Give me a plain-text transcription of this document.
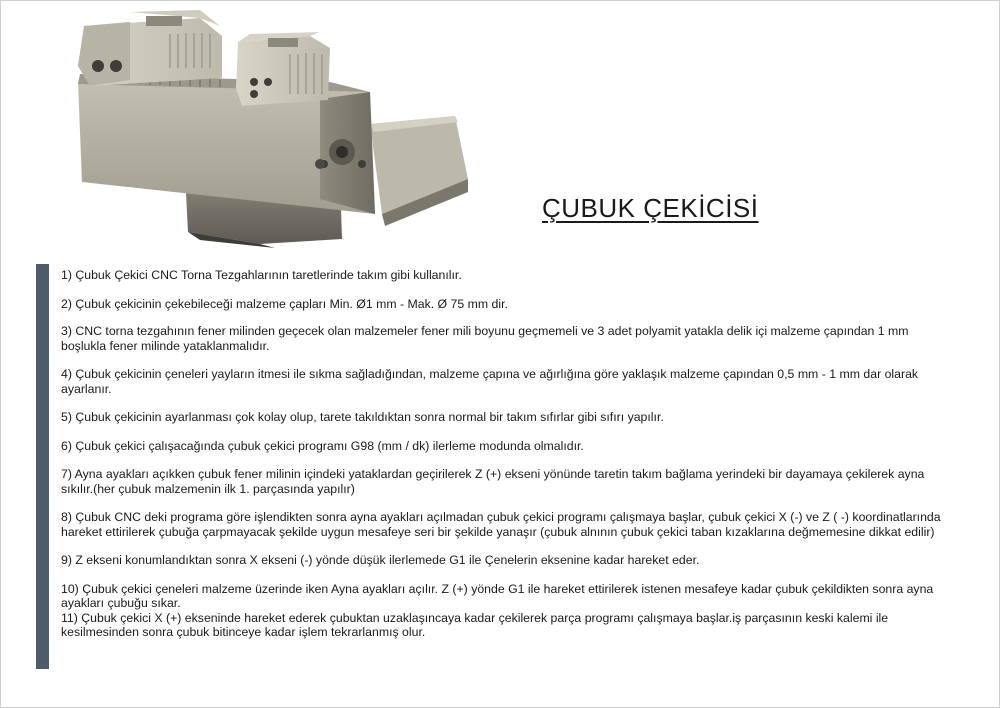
ÇUBUK ÇEKİCİSİ

1) Çubuk Çekici CNC Torna Tezgahlarının taretlerinde takım gibi kullanılır.

2) Çubuk çekicinin çekebileceği malzeme çapları Min. Ø1 mm - Mak. Ø 75 mm dir.

3) CNC torna tezgahının fener milinden geçecek olan malzemeler fener mili boyunu geçmemeli ve 3 adet polyamit yatakla delik içi malzeme çapından 1 mm boşlukla fener milinde yataklanmalıdır.

4) Çubuk çekicinin çeneleri yayların itmesi ile sıkma sağladığından, malzeme çapına ve ağırlığına göre yaklaşık malzeme çapından 0,5 mm - 1 mm dar olarak ayarlanır.

5) Çubuk çekicinin ayarlanması çok kolay olup, tarete takıldıktan sonra normal bir takım sıfırlar gibi sıfırı yapılır.

6) Çubuk çekici çalışacağında çubuk çekici programı G98 (mm / dk) ilerleme modunda olmalıdır.

7) Ayna ayakları açıkken çubuk fener milinin içindeki yataklardan geçirilerek Z (+) ekseni yönünde taretin takım bağlama yerindeki bir dayamaya çekilerek ayna sıkılır.(her çubuk malzemenin ilk 1. parçasında yapılır)

8) Çubuk CNC deki programa göre işlendikten sonra ayna ayakları açılmadan çubuk çekici programı çalışmaya başlar, çubuk çekici X (-) ve Z ( -) koordinatlarında hareket ettirilerek çubuğa çarpmayacak şekilde uygun mesafeye seri bir şekilde yanaşır (çubuk alnının çubuk çekici taban kızaklarına değmemesine dikkat edilir)

9) Z ekseni konumlandıktan sonra X ekseni (-) yönde düşük ilerlemede G1 ile Çenelerin eksenine kadar hareket eder.

10) Çubuk çekici çeneleri malzeme üzerinde iken Ayna ayakları açılır. Z (+) yönde G1 ile hareket ettirilerek istenen mesafeye kadar çubuk çekildikten sonra ayna ayakları çubuğu sıkar.

11) Çubuk çekici X (+) ekseninde hareket ederek çubuktan uzaklaşıncaya kadar çekilerek parça programı çalışmaya başlar.iş parçasının keski kalemi ile kesilmesinden sonra çubuk bitinceye kadar işlem tekrarlanmış olur.
